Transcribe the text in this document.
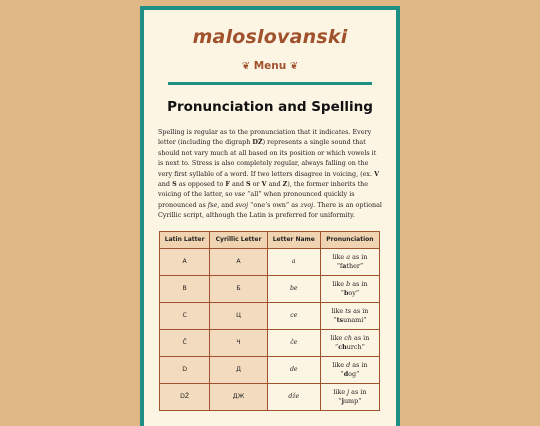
maloslovanski
❦ Menu ❦
Pronunciation and Spelling

Spelling is regular as to the pronunciation that it indicates. Every letter (including the digraph DŽ) represents a single sound that should not vary much at all based on its position or which vowels it is next to. Stress is also completely regular, always falling on the very first syllable of a word. If two letters disagree in voicing, (ex. V and S as opposed to F and S or V and Z), the former inherits the voicing of the latter, so vse “all” when pronounced quickly is pronounced as fse, and svoj “one’s own” as zvoj. There is an optional Cyrillic script, although the Latin is preferred for uniformity.

Latin Latter	Cyrillic Letter	Letter Name	Pronunciation
A	А	a	like a as in
“father”
B	Б	be	like b as in
“boy”
C	Ц	ce	like ts as in
“tsunami”
Č	Ч	če	like ch as in
“church”
D	Д	de	like d as in
“dog”
DŽ	ДЖ	dže	like j as in
“jump”
